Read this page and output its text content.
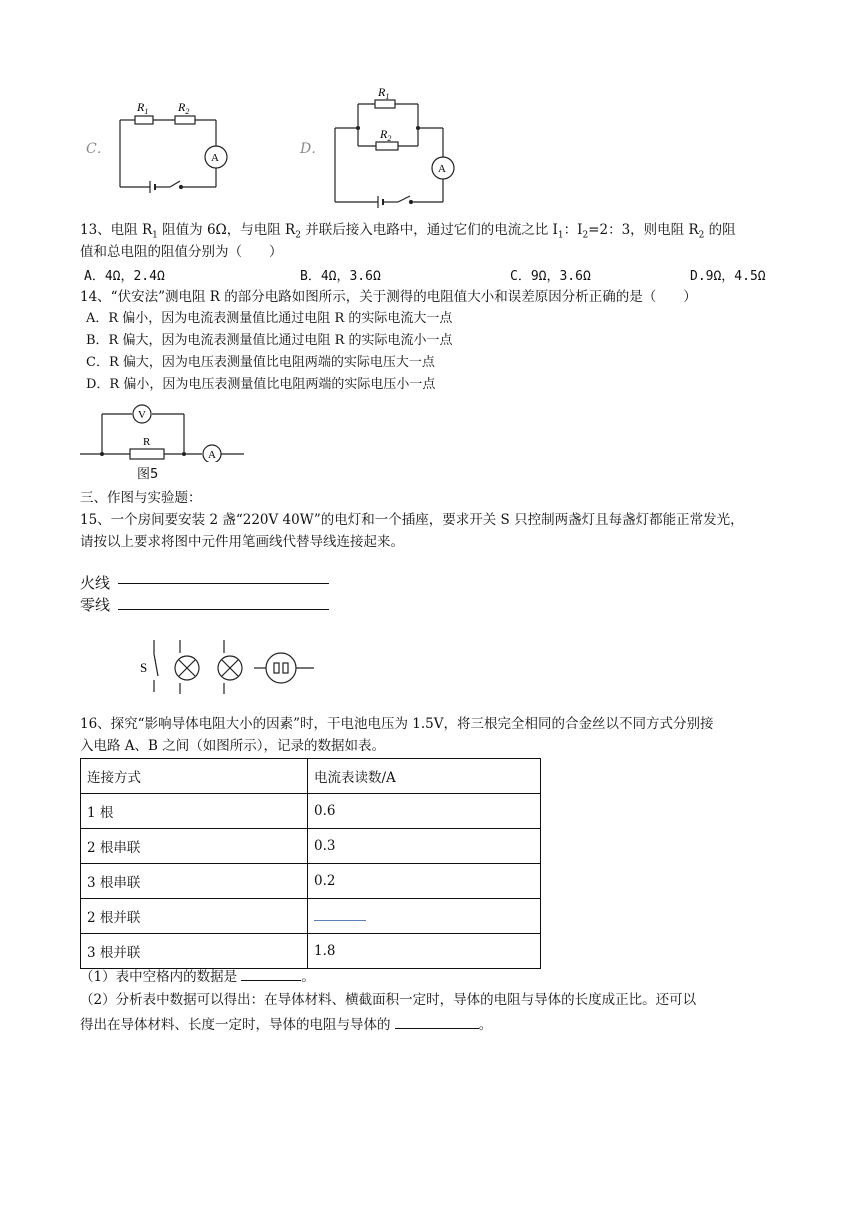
C．
$R_1$ $R_2$
A
D．
$R_1$
$R_2$
A
13、电阻 $R_1$ 阻值为 6Ω，与电阻 $R_2$ 并联后接入电路中，通过它们的电流之比 $I_1$：$I_2=2$：3，则电阻 $R_2$ 的阻
值和总电阻的阻值分别为（　　）
A．4Ω，2.4Ω	B．4Ω，3.6Ω	C．9Ω，3.6Ω	D.9Ω，4.5Ω
14、“伏安法”测电阻 R 的部分电路如图所示，关于测得的电阻值大小和误差原因分析正确的是（　　）
A．R 偏小，因为电流表测量值比通过电阻 R 的实际电流大一点
B．R 偏大，因为电流表测量值比通过电阻 R 的实际电流小一点
C．R 偏大，因为电压表测量值比电阻两端的实际电压大一点
D．R 偏小，因为电压表测量值比电阻两端的实际电压小一点
V
R
A
图5
三、作图与实验题：
15、一个房间要安装 2 盏“220V 40W”的电灯和一个插座，要求开关 S 只控制两盏灯且每盏灯都能正常发光，
请按以上要求将图中元件用笔画线代替导线连接起来。
火线
零线
S
16、探究“影响导体电阻大小的因素”时，干电池电压为 1.5V，将三根完全相同的合金丝以不同方式分别接
入电路 A、B 之间（如图所示），记录的数据如表。
连接方式	电流表读数/A
1 根	0.6
2 根串联	0.3
3 根串联	0.2
2 根并联	
3 根并联	1.8
（1）表中空格内的数据是	。
（2）分析表中数据可以得出：在导体材料、横截面积一定时，导体的电阻与导体的长度成正比。还可以
得出在导体材料、长度一定时，导体的电阻与导体的	。
